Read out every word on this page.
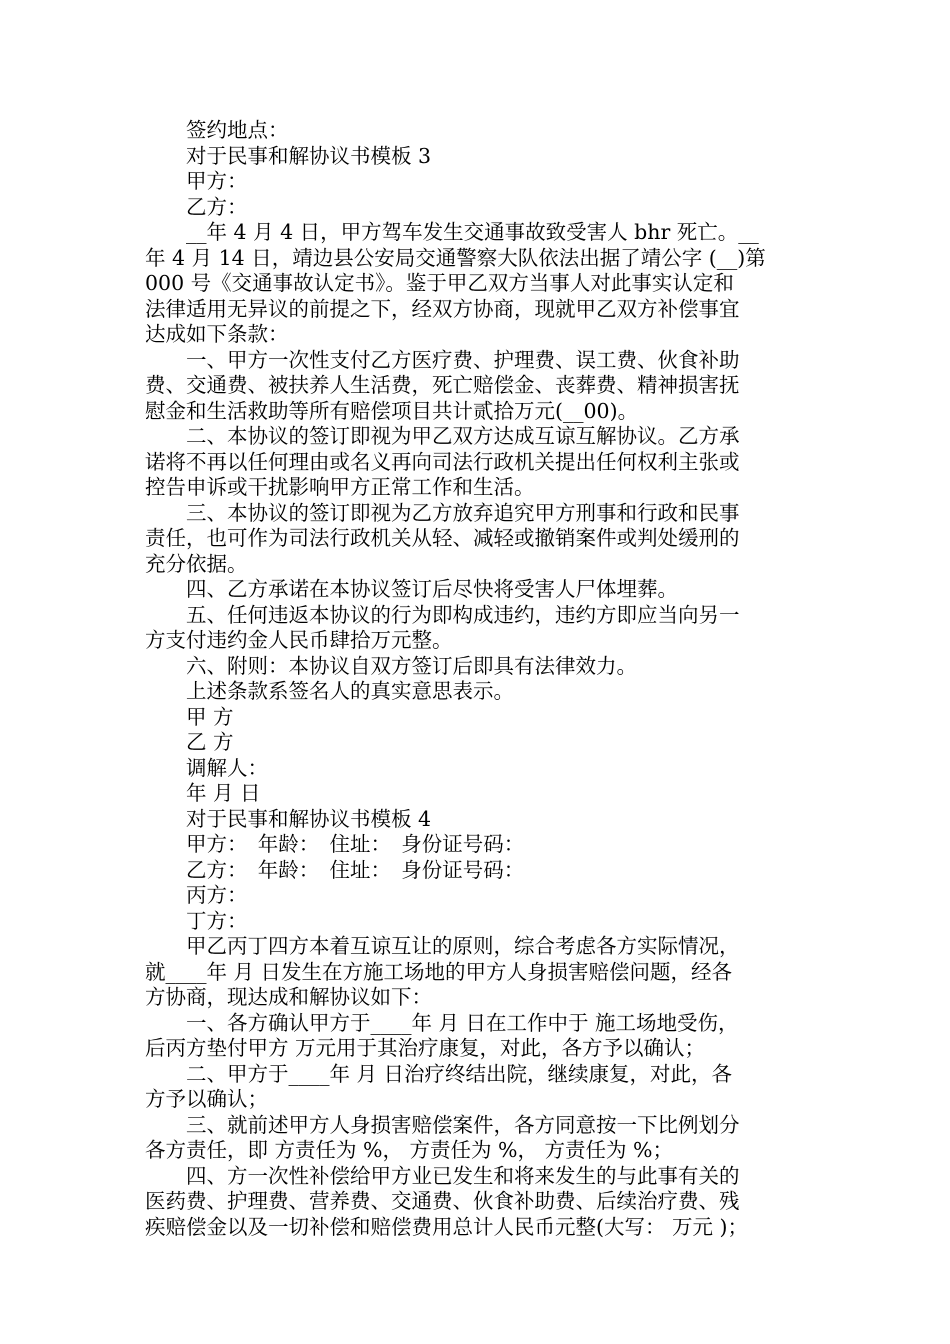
　　签约地点：
　　对于民事和解协议书模板 3
　　甲方：
　　乙方：
　　__年 4 月 4 日，甲方驾车发生交通事故致受害人 bhr 死亡。__
年 4 月 14 日，靖边县公安局交通警察大队依法出据了靖公字 (__)第
000 号《交通事故认定书》。鉴于甲乙双方当事人对此事实认定和
法律适用无异议的前提之下，经双方协商，现就甲乙双方补偿事宜
达成如下条款：
　　一、甲方一次性支付乙方医疗费、护理费、误工费、伙食补助
费、交通费、被扶养人生活费，死亡赔偿金、丧葬费、精神损害抚
慰金和生活救助等所有赔偿项目共计贰拾万元(__00)。
　　二、本协议的签订即视为甲乙双方达成互谅互解协议。乙方承
诺将不再以任何理由或名义再向司法行政机关提出任何权利主张或
控告申诉或干扰影响甲方正常工作和生活。
　　三、本协议的签订即视为乙方放弃追究甲方刑事和行政和民事
责任，也可作为司法行政机关从轻、减轻或撤销案件或判处缓刑的
充分依据。
　　四、乙方承诺在本协议签订后尽快将受害人尸体埋葬。
　　五、任何违返本协议的行为即构成违约，违约方即应当向另一
方支付违约金人民币肆拾万元整。
　　六、附则：本协议自双方签订后即具有法律效力。
　　上述条款系签名人的真实意思表示。
　　甲 方
　　乙 方
　　调解人：
　　年 月 日
　　对于民事和解协议书模板 4
　　甲方：　年龄：　住址：　身份证号码：
　　乙方：　年龄：　住址：　身份证号码：
　　丙方：
　　丁方：
　　甲乙丙丁四方本着互谅互让的原则，综合考虑各方实际情况，
就____年 月 日发生在方施工场地的甲方人身损害赔偿问题，经各
方协商，现达成和解协议如下：
　　一、各方确认甲方于____年 月 日在工作中于 施工场地受伤，
后丙方垫付甲方 万元用于其治疗康复，对此，各方予以确认；
　　二、甲方于____年 月 日治疗终结出院，继续康复，对此，各
方予以确认；
　　三、就前述甲方人身损害赔偿案件，各方同意按一下比例划分
各方责任，即 方责任为 %， 方责任为 %， 方责任为 %；
　　四、方一次性补偿给甲方业已发生和将来发生的与此事有关的
医药费、护理费、营养费、交通费、伙食补助费、后续治疗费、残
疾赔偿金以及一切补偿和赔偿费用总计人民币元整(大写： 万元 )；
